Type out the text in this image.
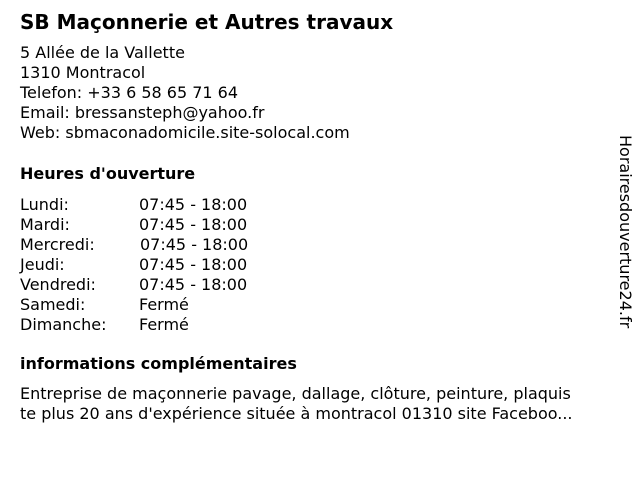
SB Maçonnerie et Autres travaux
5 Allée de la Vallette
1310 Montracol
Telefon: +33 6 58 65 71 64
Email: bressansteph@yahoo.fr
Web: sbmaconadomicile.site-solocal.com
Heures d'ouverture
Lundi:	07:45 - 18:00
Mardi:	07:45 - 18:00
Mercredi:	07:45 - 18:00
Jeudi:	07:45 - 18:00
Vendredi:	07:45 - 18:00
Samedi:	Fermé
Dimanche: Fermé
informations complémentaires
Entreprise de maçonnerie pavage, dallage, clôture, peinture, plaquis
te plus 20 ans d'expérience située à montracol 01310 site Faceboo...
Horairesdouverture24.fr
